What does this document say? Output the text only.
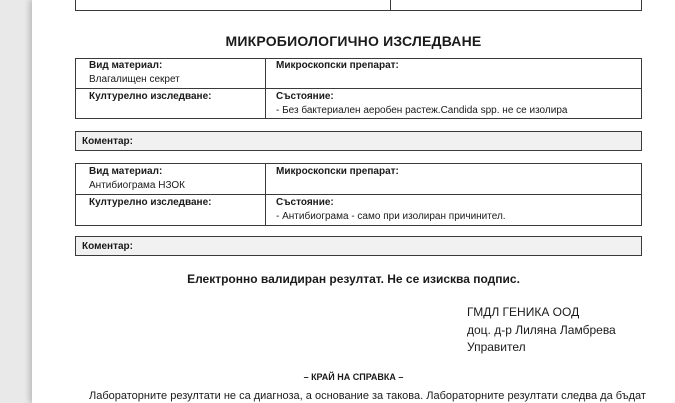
МИКРОБИОЛОГИЧНО ИЗСЛЕДВАНЕ
Вид материал:
Влагалищен секрет
Микроскопски препарат:
Културелно изследване:	Състояние:
- Без бактериален аеробен растеж.Candida spp. не се изолира
Коментар:
Вид материал:
Антибиограма НЗОК
Микроскопски препарат:
Културелно изследване:	Състояние:
- Антибиограма - само при изолиран причинител.
Коментар:
Електронно валидиран резултат. Не се изисква подпис.
ГМДЛ ГЕНИКА ООД
доц. д-р Лиляна Ламбрева
Управител
– КРАЙ НА СПРАВКА –
Лабораторните резултати не са диагноза, а основание за такова. Лабораторните резултати следва да бъдат
